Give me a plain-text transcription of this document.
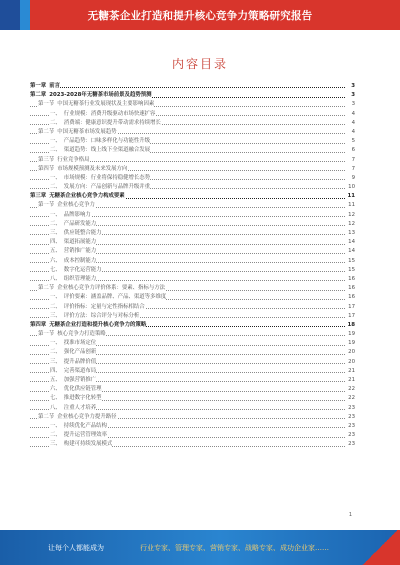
无糖茶企业打造和提升核心竞争力策略研究报告
内容目录
第一章 前言	3
第二章 2023-2028年无糖茶市场前景及趋势预测	3
第一节 中国无糖茶行业发展现状及主要影响因素	3
一、 行业规模：消费升级驱动市场快速扩容	4
二、 消费端：健康意识提升带动需求持续增长	4
第二节 中国无糖茶市场发展趋势	4
一、 产品趋势：口味多样化与功能性升级	5
二、 渠道趋势：线上线下全渠道融合发展	6
第三节 行业竞争格局	7
第四节 市场规模预测及未来发展方向	7
一、 市场规模：行业将保持稳健增长态势	9
二、 发展方向：产品创新与品牌升级并重	10
第三章 无糖茶企业核心竞争力构成要素	11
第一节 企业核心竞争力	11
一、 品牌影响力	12
二、 产品研发能力	12
三、 供应链整合能力	13
四、 渠道拓展能力	14
五、 营销推广能力	14
六、 成本控制能力	15
七、 数字化运营能力	15
八、 组织管理能力	16
第二节 企业核心竞争力评价体系：要素、指标与方法	16
一、 评价要素：涵盖品牌、产品、渠道等多维度	16
二、 评价指标：定量与定性指标相结合	17
三、 评价方法：综合评分与对标分析	17
第四章 无糖茶企业打造和提升核心竞争力的策略	18
第一节 核心竞争力打造策略	19
一、 找准市场定位	19
二、 强化产品创新	20
三、 提升品牌价值	20
四、 完善渠道布局	21
五、 加强营销推广	21
六、 优化供应链管理	22
七、 推进数字化转型	22
八、 注重人才培养	23
第二节 企业核心竞争力提升路径	23
一、 持续优化产品结构	23
二、 提升运营管理效率	23
三、 构建可持续发展模式	23
1
让每个人都能成为	行业专家、管理专家、营销专家、战略专家、成功企业家……
